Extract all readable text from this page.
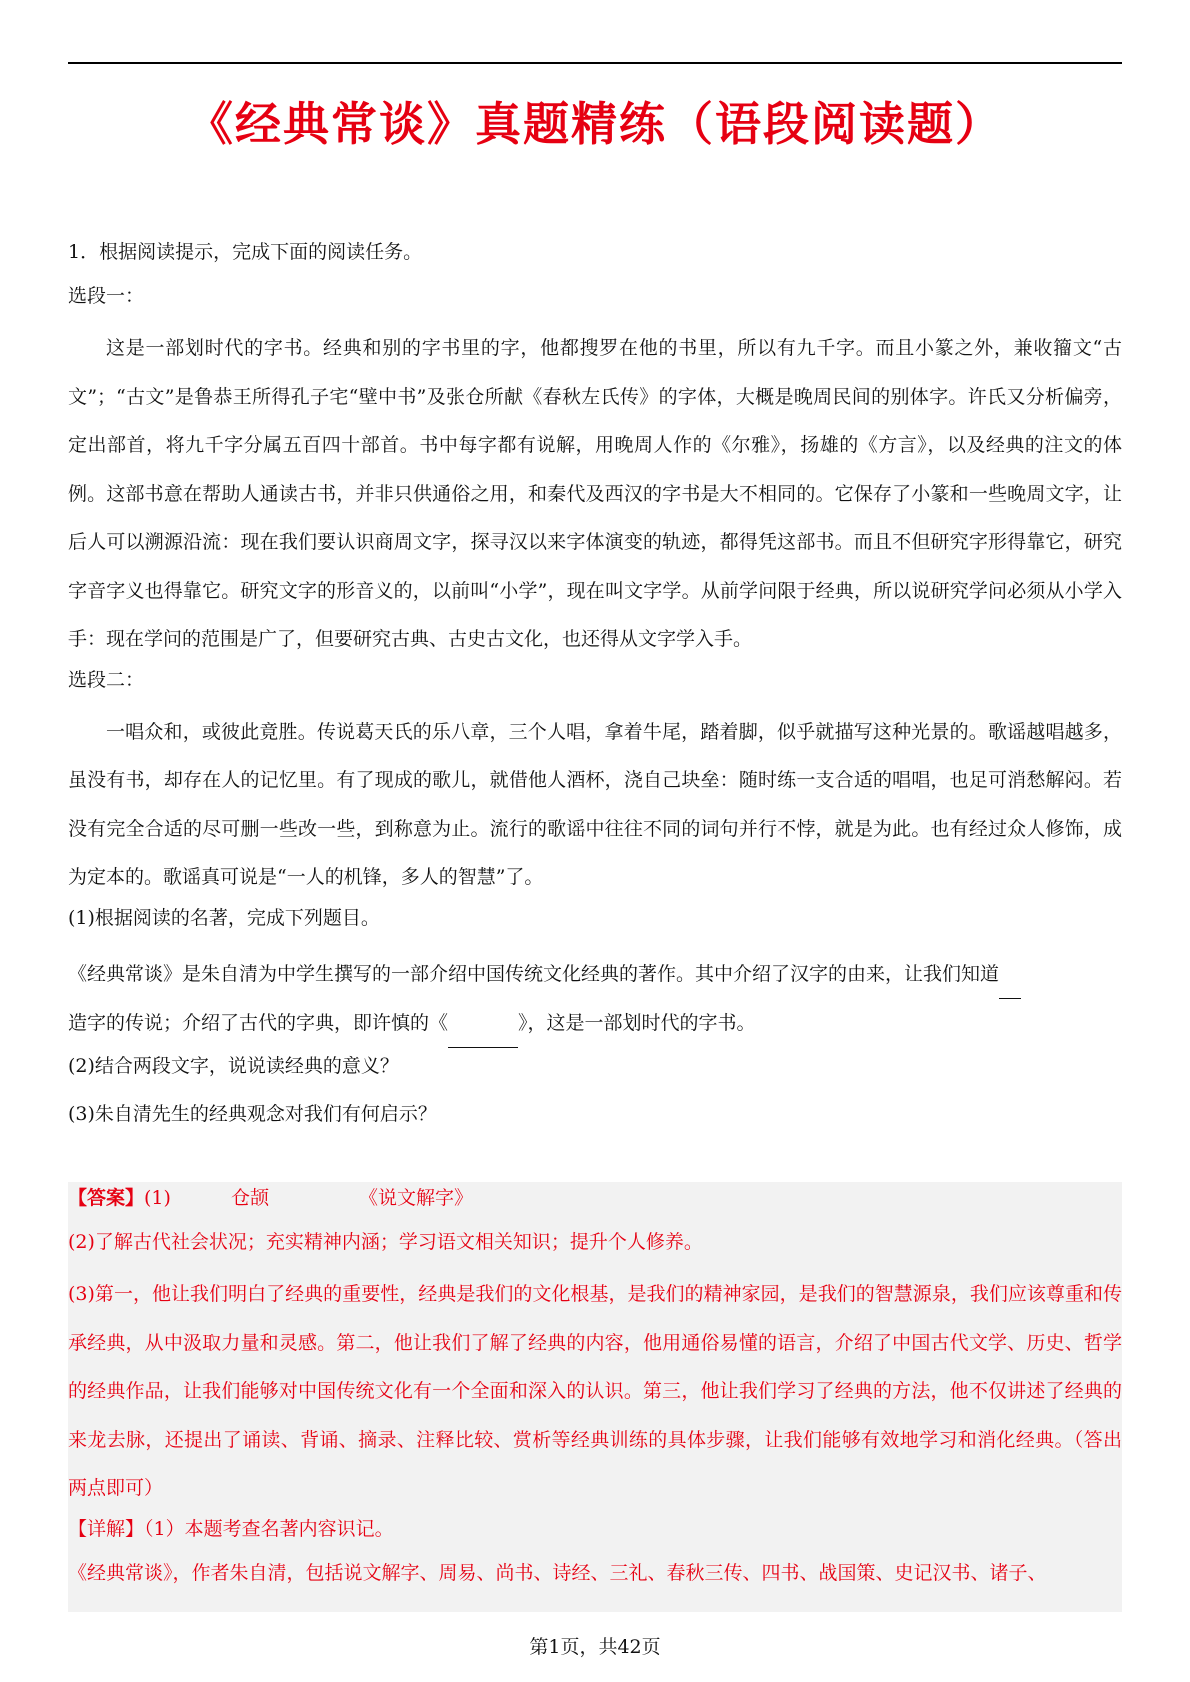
《经典常谈》真题精练（语段阅读题）
1．根据阅读提示，完成下面的阅读任务。
选段一：
这是一部划时代的字书。经典和别的字书里的字，他都搜罗在他的书里，所以有九千字。而且小篆之外，兼收籀文“古文”；“古文”是鲁恭王所得孔子宅“壁中书”及张仓所献《春秋左氏传》的字体，大概是晚周民间的别体字。许氏又分析偏旁，定出部首，将九千字分属五百四十部首。书中每字都有说解，用晚周人作的《尔雅》，扬雄的《方言》，以及经典的注文的体例。这部书意在帮助人通读古书，并非只供通俗之用，和秦代及西汉的字书是大不相同的。它保存了小篆和一些晚周文字，让后人可以溯源沿流：现在我们要认识商周文字，探寻汉以来字体演变的轨迹，都得凭这部书。而且不但研究字形得靠它，研究字音字义也得靠它。研究文字的形音义的，以前叫“小学”，现在叫文字学。从前学问限于经典，所以说研究学问必须从小学入手：现在学问的范围是广了，但要研究古典、古史古文化，也还得从文字学入手。
选段二：
一唱众和，或彼此竟胜。传说葛天氏的乐八章，三个人唱，拿着牛尾，踏着脚，似乎就描写这种光景的。歌谣越唱越多，虽没有书，却存在人的记忆里。有了现成的歌儿，就借他人酒杯，浇自己块垒：随时练一支合适的唱唱，也足可消愁解闷。若没有完全合适的尽可删一些改一些，到称意为止。流行的歌谣中往往不同的词句并行不悖，就是为此。也有经过众人修饰，成为定本的。歌谣真可说是“一人的机锋，多人的智慧”了。
(1)根据阅读的名著，完成下列题目。
《经典常谈》是朱自清为中学生撰写的一部介绍中国传统文化经典的著作。其中介绍了汉字的由来，让我们知道
造字的传说；介绍了古代的字典，即许慎的《	》，这是一部划时代的字书。
(2)结合两段文字，说说读经典的意义？
(3)朱自清先生的经典观念对我们有何启示？
【答案】(1)	仓颉	《说文解字》
(2)了解古代社会状况；充实精神内涵；学习语文相关知识；提升个人修养。
(3)第一，他让我们明白了经典的重要性，经典是我们的文化根基，是我们的精神家园，是我们的智慧源泉，我们应该尊重和传承经典，从中汲取力量和灵感。第二，他让我们了解了经典的内容，他用通俗易懂的语言，介绍了中国古代文学、历史、哲学的经典作品，让我们能够对中国传统文化有一个全面和深入的认识。第三，他让我们学习了经典的方法，他不仅讲述了经典的来龙去脉，还提出了诵读、背诵、摘录、注释比较、赏析等经典训练的具体步骤，让我们能够有效地学习和消化经典。（答出两点即可）
【详解】（1）本题考查名著内容识记。
《经典常谈》，作者朱自清，包括说文解字、周易、尚书、诗经、三礼、春秋三传、四书、战国策、史记汉书、诸子、
第1页，共42页
